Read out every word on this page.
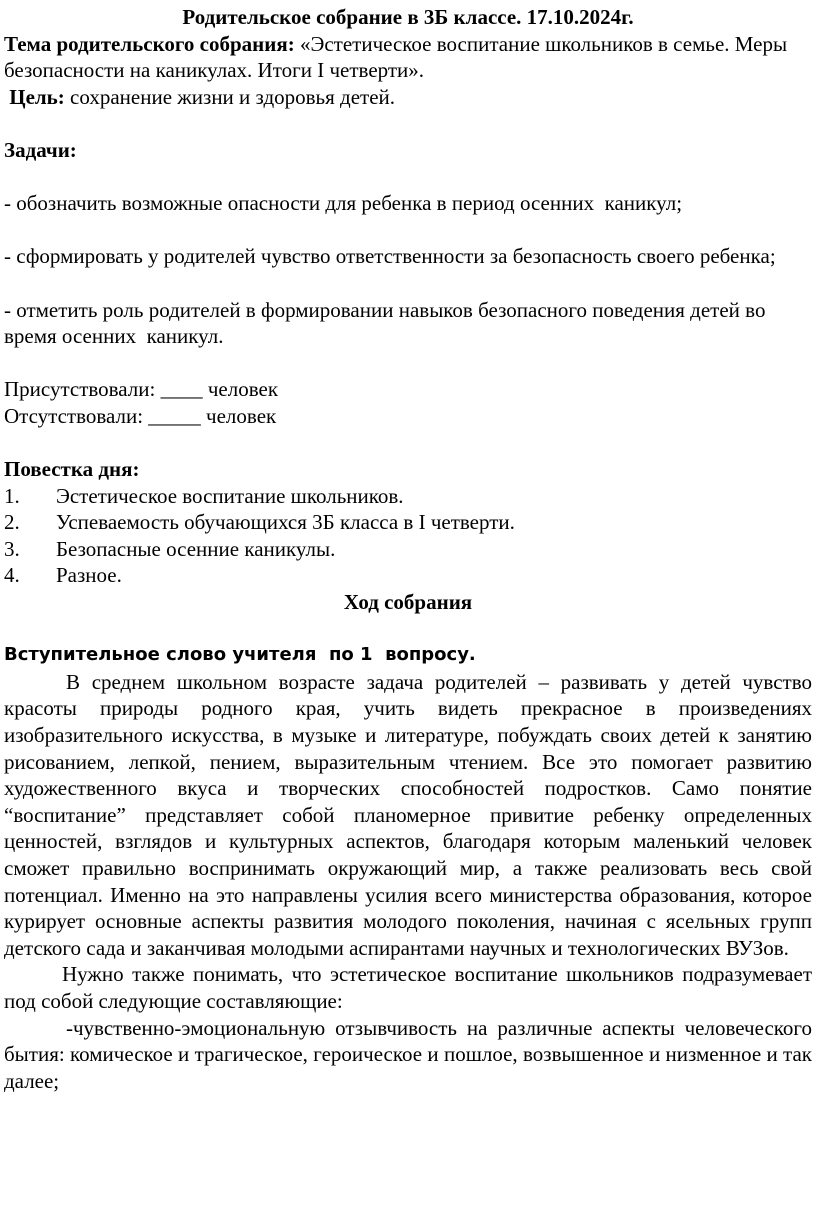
Родительское собрание в 3Б классе. 17.10.2024г.
Тема родительского собрания: «Эстетическое воспитание школьников в семье. Меры безопасности на каникулах. Итоги I четверти».
Цель: сохранение жизни и здоровья детей.
Задачи:
- обозначить возможные опасности для ребенка в период осенних  каникул;
- сформировать у родителей чувство ответственности за безопасность своего ребенка;
- отметить роль родителей в формировании навыков безопасного поведения детей во время осенних  каникул.
Присутствовали: ____ человек
Отсутствовали: _____ человек
Повестка дня:
1.	Эстетическое воспитание школьников.
2.	Успеваемость обучающихся 3Б класса в I четверти.
3.	Безопасные осенние каникулы.
4.	Разное.
Ход собрания
Вступительное слово учителя  по 1  вопросу.
В среднем школьном возрасте задача родителей – развивать у детей чувство красоты природы родного края, учить видеть прекрасное в произведениях изобразительного искусства, в музыке и литературе, побуждать своих детей к занятию рисованием, лепкой, пением, выразительным чтением. Все это помогает развитию художественного вкуса и творческих способностей подростков. Само понятие “воспитание” представляет собой планомерное привитие ребенку определенных ценностей, взглядов и культурных аспектов, благодаря которым маленький человек сможет правильно воспринимать окружающий мир, а также реализовать весь свой потенциал. Именно на это направлены усилия всего министерства образования, которое курирует основные аспекты развития молодого поколения, начиная с ясельных групп детского сада и заканчивая молодыми аспирантами научных и технологических ВУЗов.
Нужно также понимать, что эстетическое воспитание школьников подразумевает под собой следующие составляющие:
-чувственно-эмоциональную отзывчивость на различные аспекты человеческого бытия: комическое и трагическое, героическое и пошлое, возвышенное и низменное и так далее;
